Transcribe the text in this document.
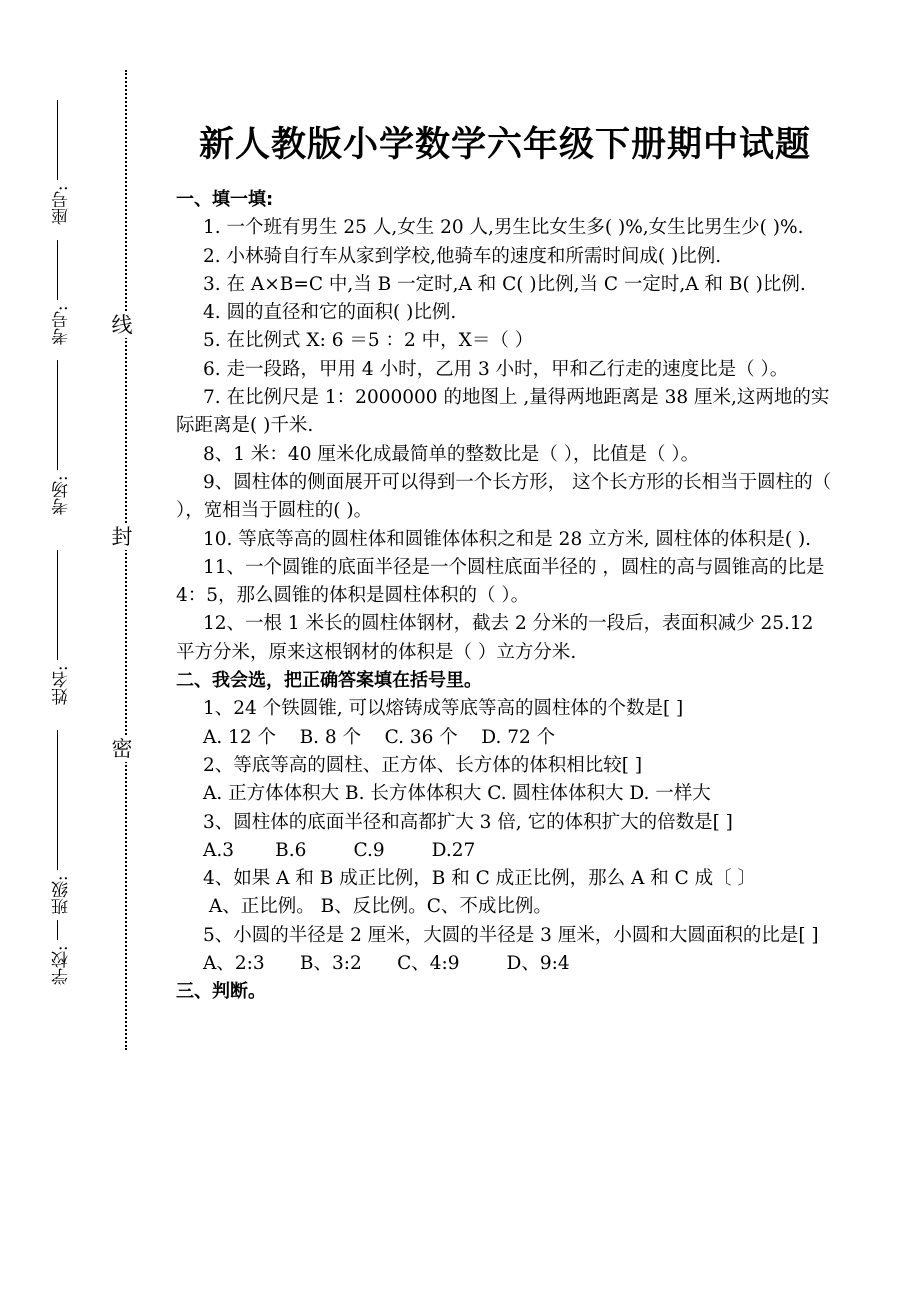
座号:
考号:
考场:
姓名:
班级:
学校:
线
封
密
新人教版小学数学六年级下册期中试题

一、填一填:

1. 一个班有男生 25 人,女生 20 人,男生比女生多( )%,女生比男生少( )%.

2. 小林骑自行车从家到学校,他骑车的速度和所需时间成( )比例.

3. 在 A×B=C 中,当 B 一定时,A 和 C( )比例,当 C 一定时,A 和 B( )比例.

4. 圆的直径和它的面积( )比例.

5. 在比例式 X: 6 ＝5 ：2 中，X＝（ ）

6. 走一段路，甲用 4 小时，乙用 3 小时，甲和乙行走的速度比是（ ）。

7. 在比例尺是 1：2000000 的地图上 ,量得两地距离是 38 厘米,这两地的实际距离是( )千米.

8、1 米：40 厘米化成最简单的整数比是（ ），比值是（ ）。

9、圆柱体的侧面展开可以得到一个长方形， 这个长方形的长相当于圆柱的（ ），宽相当于圆柱的( )。

10. 等底等高的圆柱体和圆锥体体积之和是 28 立方米, 圆柱体的体积是( ).

11、一个圆锥的底面半径是一个圆柱底面半径的 ，圆柱的高与圆锥高的比是 4：5，那么圆锥的体积是圆柱体积的（ ）。

12、一根 1 米长的圆柱体钢材，截去 2 分米的一段后，表面积减少 25.12 平方分米，原来这根钢材的体积是（ ）立方分米.

二、我会选，把正确答案填在括号里。

1、24 个铁圆锥, 可以熔铸成等底等高的圆柱体的个数是[ ]

A. 12 个    B. 8 个    C. 36 个    D. 72 个

2、等底等高的圆柱、正方体、长方体的体积相比较[ ]

A. 正方体体积大 B. 长方体体积大 C. 圆柱体体积大 D. 一样大

3、圆柱体的底面半径和高都扩大 3 倍, 它的体积扩大的倍数是[ ]

A.3       B.6        C.9        D.27

4、如果 A 和 B 成正比例，B 和 C 成正比例，那么 A 和 C 成〔 〕

A、正比例。 B、反比例。C、不成比例。

5、小圆的半径是 2 厘米，大圆的半径是 3 厘米，小圆和大圆面积的比是[ ]

A、2:3      B、3:2      C、4:9        D、9:4

三、判断。
